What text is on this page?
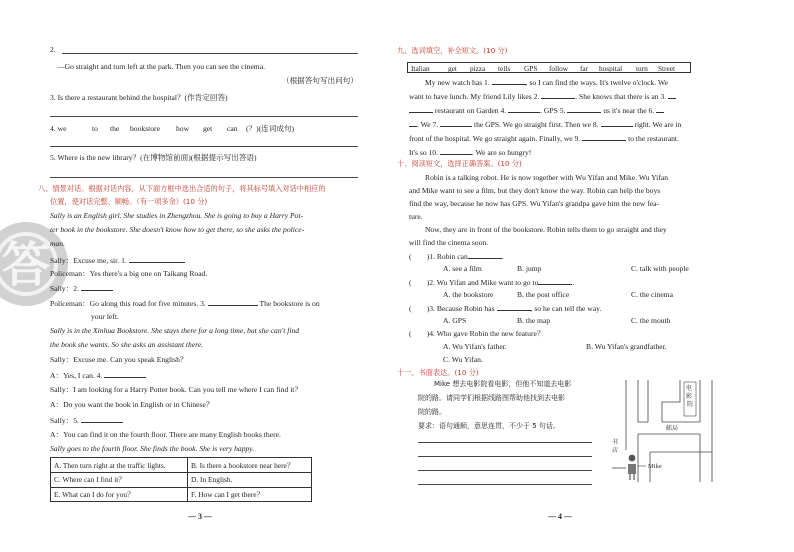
答
2.
—Go straight and turn left at the park. Then you can see the cinema.
（根据答句写出问句）
3. Is there a restaurant behind the hospital？(作肯定回答)
4. we	to the bookstore how get can (？)(连词成句)
5. Where is the new library？(在博物馆前面)(根据提示写出答语)
八、情景对话。根据对话内容，从下面方框中选出合适的句子，将其标号填入对话中相应的
位置，使对话完整、顺畅。（有一项多余）(10 分)
Sally is an English girl. She studies in Zhengzhou. She is going to buy a Harry Pot-
ter book in the bookstore. She doesn't know how to get there, so she asks the police-
man.
Sally：Excuse me, sir. 1.
Policeman：Yes there's a big one on Taikang Road.
Sally：2.
Policeman：Go along this road for five minutes. 3.	The bookstore is on
your left.
Sally is in the Xinhua Bookstore. She stays there for a long time, but she can't find
the book she wants. So she asks an assistant there.
Sally：Excuse me. Can you speak English？
A：Yes, I can. 4.
Sally：I am looking for a Harry Potter book. Can you tell me where I can find it？
A：Do you want the book in English or in Chinese？
Sally：5.
A：You can find it on the fourth floor. There are many English books there.
Sally goes to the fourth floor. She finds the book. She is very happy.
A. Then turn right at the traffic lights.	B. Is there a bookstore near here？
C. Where can I find it？	D. In English.
E. What can I do for you？	F. How can I get there？
— 3 —
九、选词填空，补全短文。(10 分)
Italian	get pizza tells GPS follow far hospital turn Street
My new watch has 1.	, so I can find the ways. It's twelve o'clock. We
want to have lunch. My friend Lily likes 2.	. She knows that there is an 3.
restaurant on Garden 4.	. GPS 5.	us it's near the 6.
. We 7.	the GPS. We go straight first. Then we 8.	right. We are in
front of the hospital. We go straight again. Finally, we 9.	to the restaurant.
It's so 10.	. We are so hungry!
十、阅读短文，选择正确答案。(10 分)
Robin is a talking robot. He is now together with Wu Yifan and Mike. Wu Yifan
and Mike want to see a film, but they don't know the way. Robin can help the boys
find the way, because he now has GPS. Wu Yifan's grandpa gave him the new fea-
ture.
Now, they are in front of the bookstore. Robin tells them to go straight and they
will find the cinema soon.
(　　)1. Robin can	.
A. see a film	B. jump	C. talk with people
(　　)2. Wu Yifan and Mike want to go to	.
A. the bookstore	B. the post office	C. the cinema
(　　)3. Because Robin has	, so he can tell the way.
A. GPS	B. the map	C. the mouth
(　　)4. Who gave Robin the new feature？
A. Wu Yifan's father.	B. Wu Yifan's grandfather.
C. Wu Yifan.
十一、书面表达。(10 分)
Mike 想去电影院看电影，但他不知道去电影
院的路。请同学们根据线路图帮助他找到去电影
院的路。
要求：语句通顺，意思连贯，不少于 5 句话。
电 影 院
邮局
书 店
Mike
— 4 —
